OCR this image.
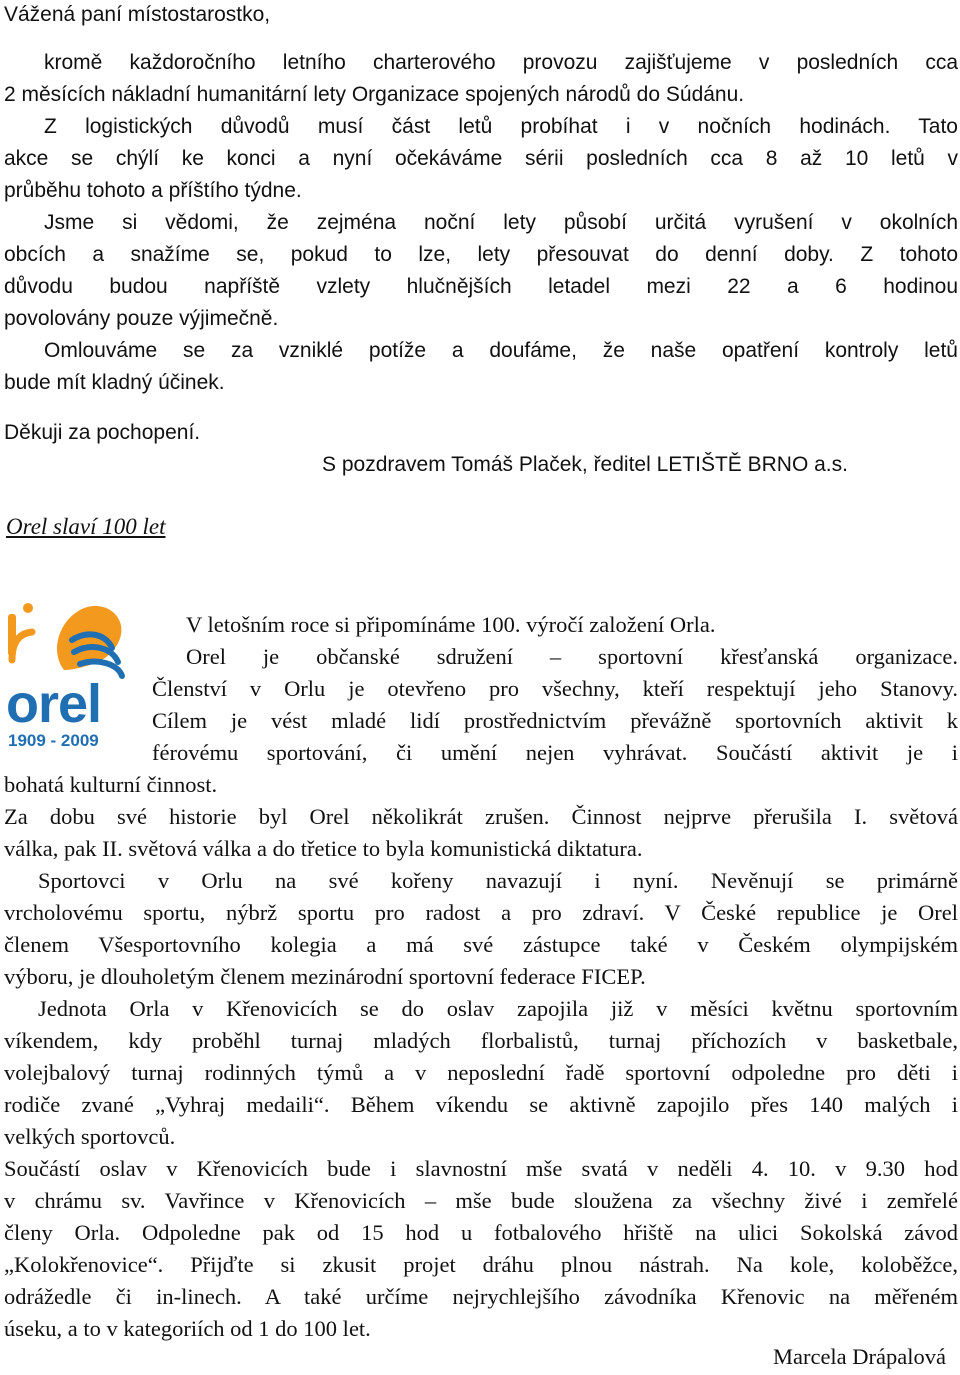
Vážená paní místostarostko,
kromě každoročního letního charterového provozu zajišťujeme v posledních cca
2 měsících nákladní humanitární lety Organizace spojených národů do Súdánu.
Z logistických důvodů musí část letů probíhat i v nočních hodinách. Tato
akce se chýlí ke konci a nyní očekáváme sérii posledních cca 8 až 10 letů v
průběhu tohoto a příštího týdne.
Jsme si vědomi, že zejména noční lety působí určitá vyrušení v okolních
obcích a snažíme se, pokud to lze, lety přesouvat do denní doby. Z tohoto
důvodu budou napříště vzlety hlučnějších letadel mezi 22 a 6 hodinou
povolovány pouze výjimečně.
Omlouváme se za vzniklé potíže a doufáme, že naše opatření kontroly letů
bude mít kladný účinek.
Děkuji za pochopení.
S pozdravem Tomáš Plaček, ředitel LETIŠTĚ BRNO a.s.
Orel slaví 100 let
orel
1909 - 2009
V letošním roce si připomínáme 100. výročí založení Orla.
Orel je občanské sdružení – sportovní křesťanská organizace.
Členství v Orlu je otevřeno pro všechny, kteří respektují jeho Stanovy.
Cílem je vést mladé lidí prostřednictvím převážně sportovních aktivit k
férovému sportování, či umění nejen vyhrávat. Součástí aktivit je i
bohatá kulturní činnost.
Za dobu své historie byl Orel několikrát zrušen. Činnost nejprve přerušila I. světová
válka, pak II. světová válka a do třetice to byla komunistická diktatura.
Sportovci v Orlu na své kořeny navazují i nyní. Nevěnují se primárně
vrcholovému sportu, nýbrž sportu pro radost a pro zdraví. V České republice je Orel
členem Všesportovního kolegia a má své zástupce také v Českém olympijském
výboru, je dlouholetým členem mezinárodní sportovní federace FICEP.
Jednota Orla v Křenovicích se do oslav zapojila již v měsíci květnu sportovním
víkendem, kdy proběhl turnaj mladých florbalistů, turnaj příchozích v basketbale,
volejbalový turnaj rodinných týmů a v neposlední řadě sportovní odpoledne pro děti i
rodiče zvané „Vyhraj medaili“. Během víkendu se aktivně zapojilo přes 140 malých i
velkých sportovců.
Součástí oslav v Křenovicích bude i slavnostní mše svatá v neděli 4. 10. v 9.30 hod
v chrámu sv. Vavřince v Křenovicích – mše bude sloužena za všechny živé i zemřelé
členy Orla. Odpoledne pak od 15 hod u fotbalového hřiště na ulici Sokolská závod
„Kolokřenovice“. Přijďte si zkusit projet dráhu plnou nástrah. Na kole, koloběžce,
odrážedle či in-linech. A také určíme nejrychlejšího závodníka Křenovic na měřeném
úseku, a to v kategoriích od 1 do 100 let.
Marcela Drápalová
